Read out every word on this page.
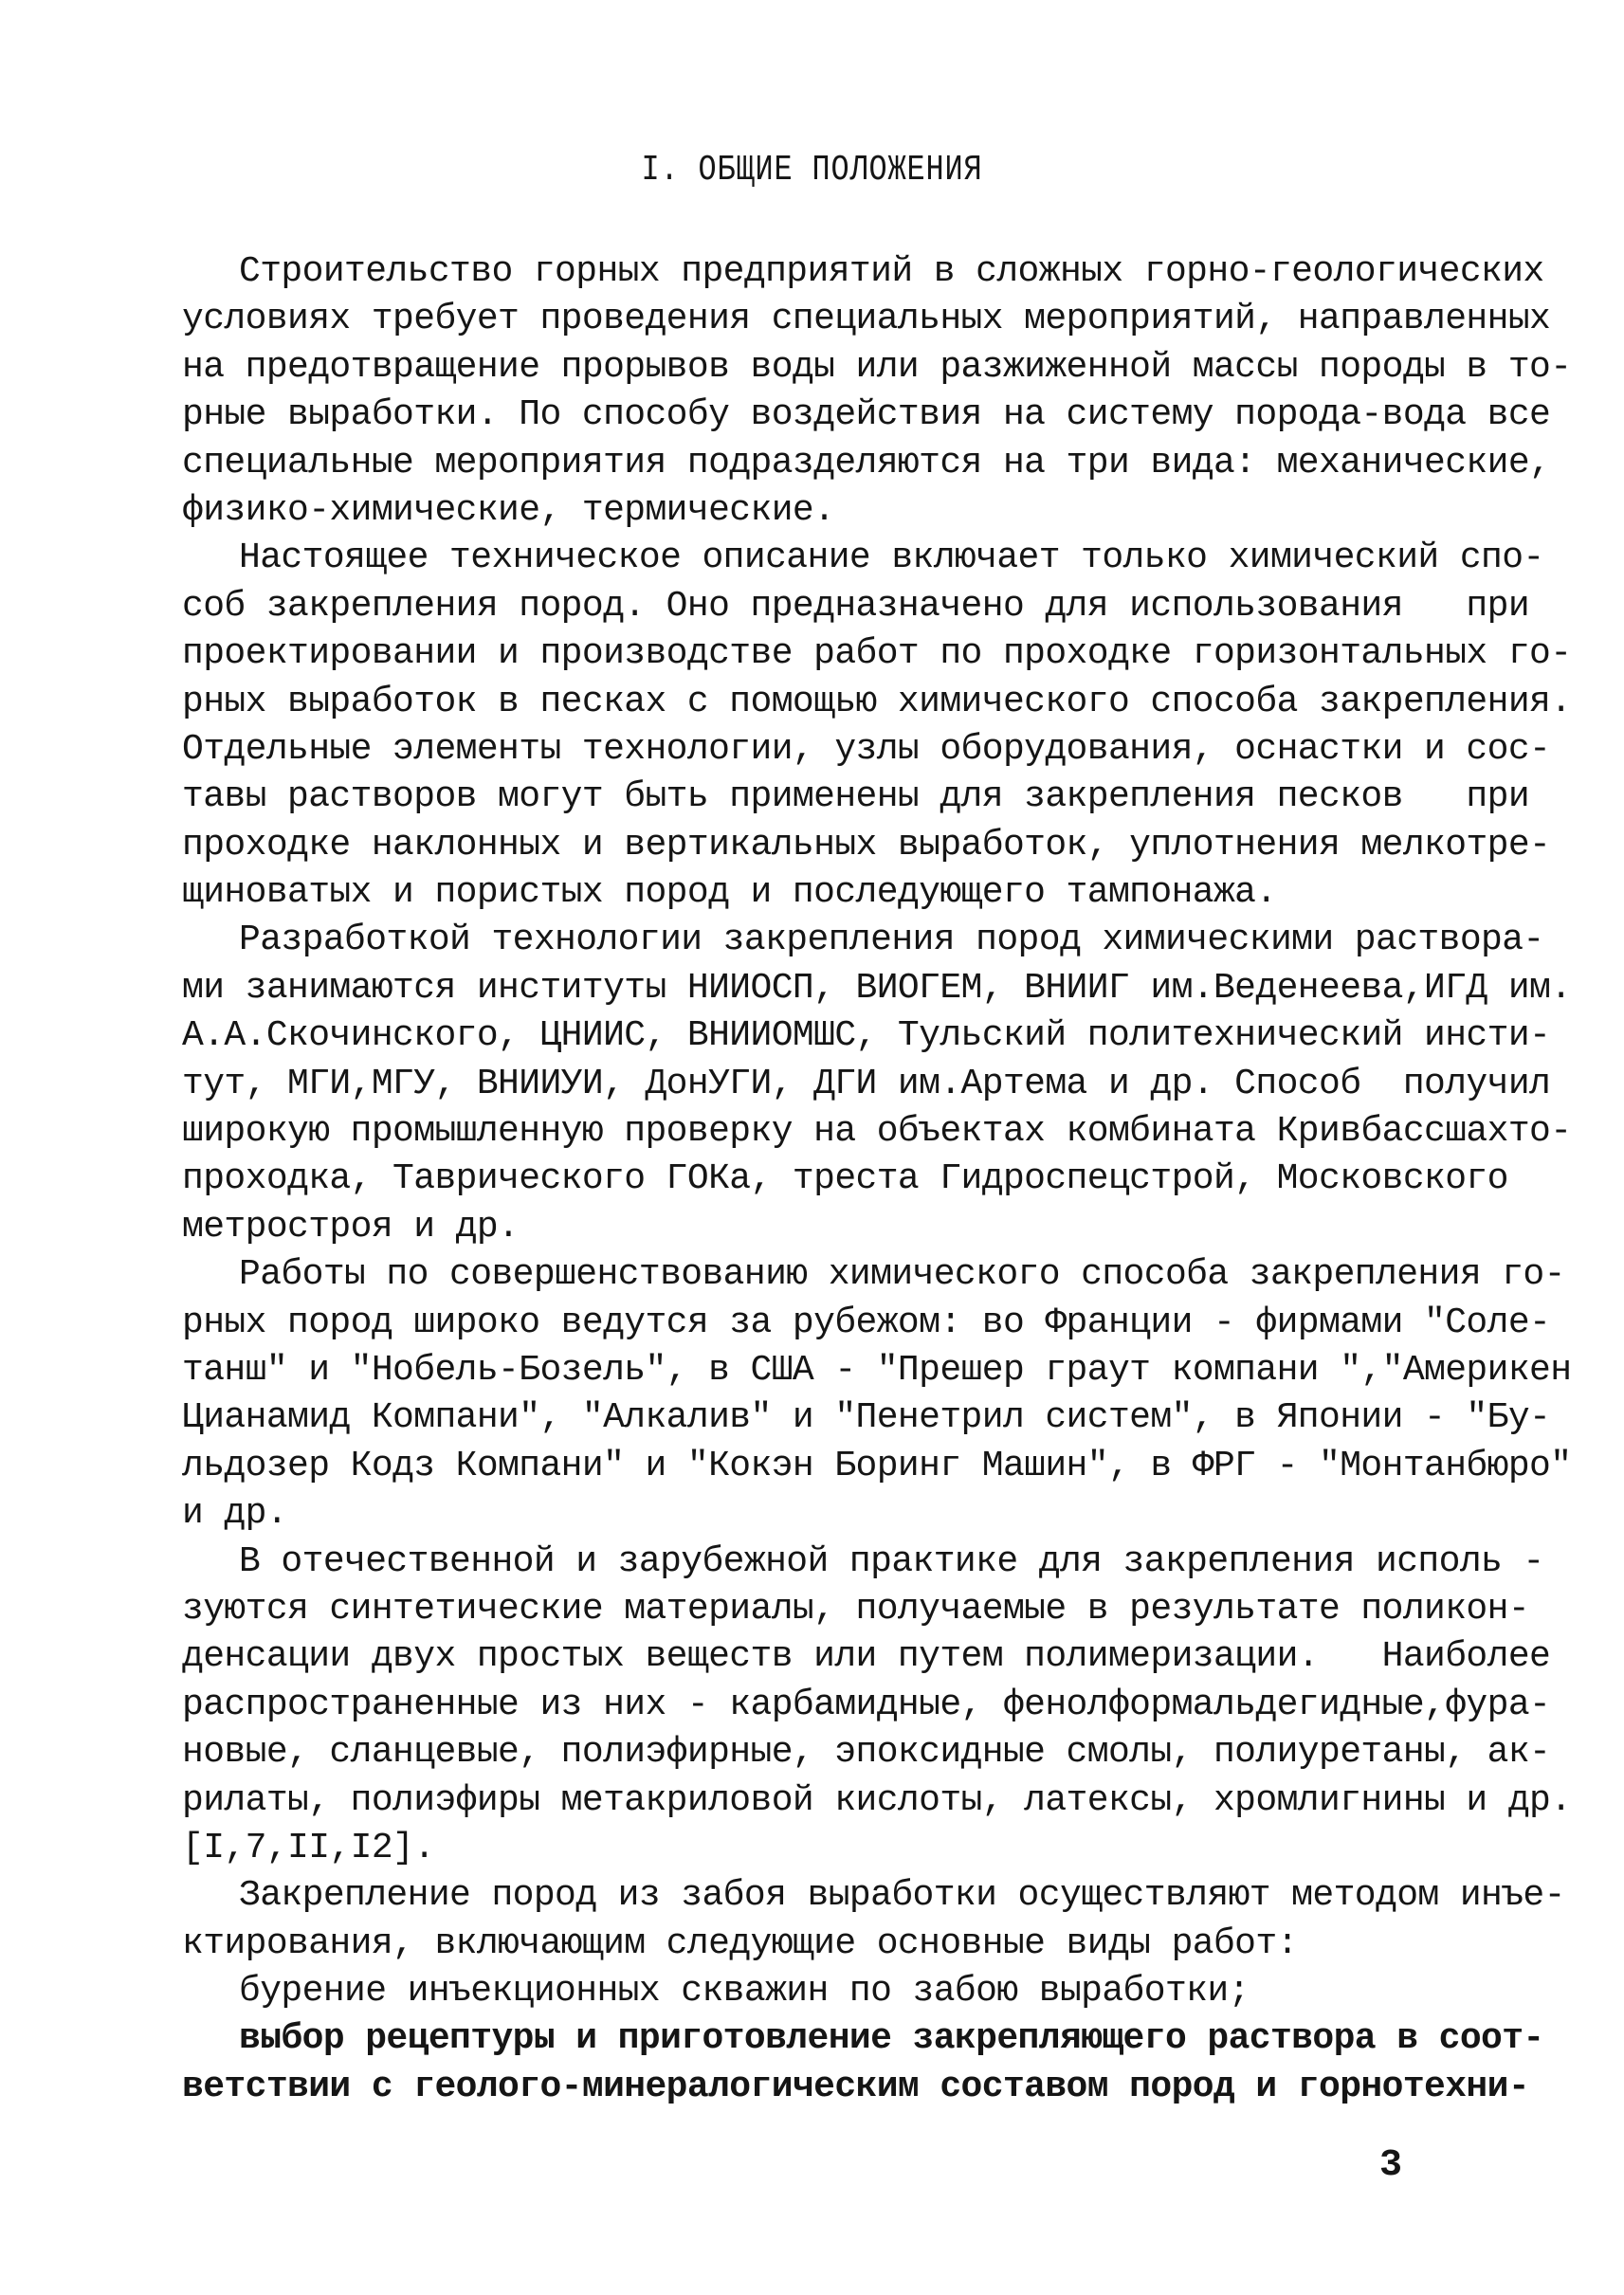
I. ОБЩИЕ ПОЛОЖЕНИЯ
Строительство горных предприятий в сложных горно-геологических
условиях требует проведения специальных мероприятий, направленных
на предотвращение прорывов воды или разжиженной массы породы в то-
рные выработки. По способу воздействия на систему порода-вода все
специальные мероприятия подразделяются на три вида: механические,
физико-химические, термические.
Настоящее техническое описание включает только химический спо-
соб закрепления пород. Оно предназначено для использования   при
проектировании и производстве работ по проходке горизонтальных го-
рных выработок в песках с помощью химического способа закрепления.
Отдельные элементы технологии, узлы оборудования, оснастки и сос-
тавы растворов могут быть применены для закрепления песков   при
проходке наклонных и вертикальных выработок, уплотнения мелкотре-
щиноватых и пористых пород и последующего тампонажа.
Разработкой технологии закрепления пород химическими раствора-
ми занимаются институты НИИОСП, ВИОГЕМ, ВНИИГ им.Веденеева,ИГД им.
А.А.Скочинского, ЦНИИС, ВНИИОМШС, Тульский политехнический инсти-
тут, МГИ,МГУ, ВНИИУИ, ДонУГИ, ДГИ им.Артема и др. Способ  получил
широкую промышленную проверку на объектах комбината Кривбассшахто-
проходка, Таврического ГОКа, треста Гидроспецстрой, Московского
метростроя и др.
Работы по совершенствованию химического способа закрепления го-
рных пород широко ведутся за рубежом: во Франции - фирмами "Соле-
танш" и "Нобель-Бозель", в США - "Прешер граут компани ","Америкен
Цианамид Компани", "Алкалив" и "Пенетрил систем", в Японии - "Бу-
льдозер Кодз Компани" и "Кокэн Боринг Машин", в ФРГ - "Монтанбюро"
и др.
В отечественной и зарубежной практике для закрепления исполь -
зуются синтетические материалы, получаемые в результате поликон-
денсации двух простых веществ или путем полимеризации.   Наиболее
распространенные из них - карбамидные, фенолформальдегидные,фура-
новые, сланцевые, полиэфирные, эпоксидные смолы, полиуретаны, ак-
рилаты, полиэфиры метакриловой кислоты, латексы, хромлигнины и др.
[I,7,II,I2].
Закрепление пород из забоя выработки осуществляют методом инъе-
ктирования, включающим следующие основные виды работ:
бурение инъекционных скважин по забою выработки;
выбор рецептуры и приготовление закрепляющего раствора в соот-
ветствии с геолого-минералогическим составом пород и горнотехни-
3
